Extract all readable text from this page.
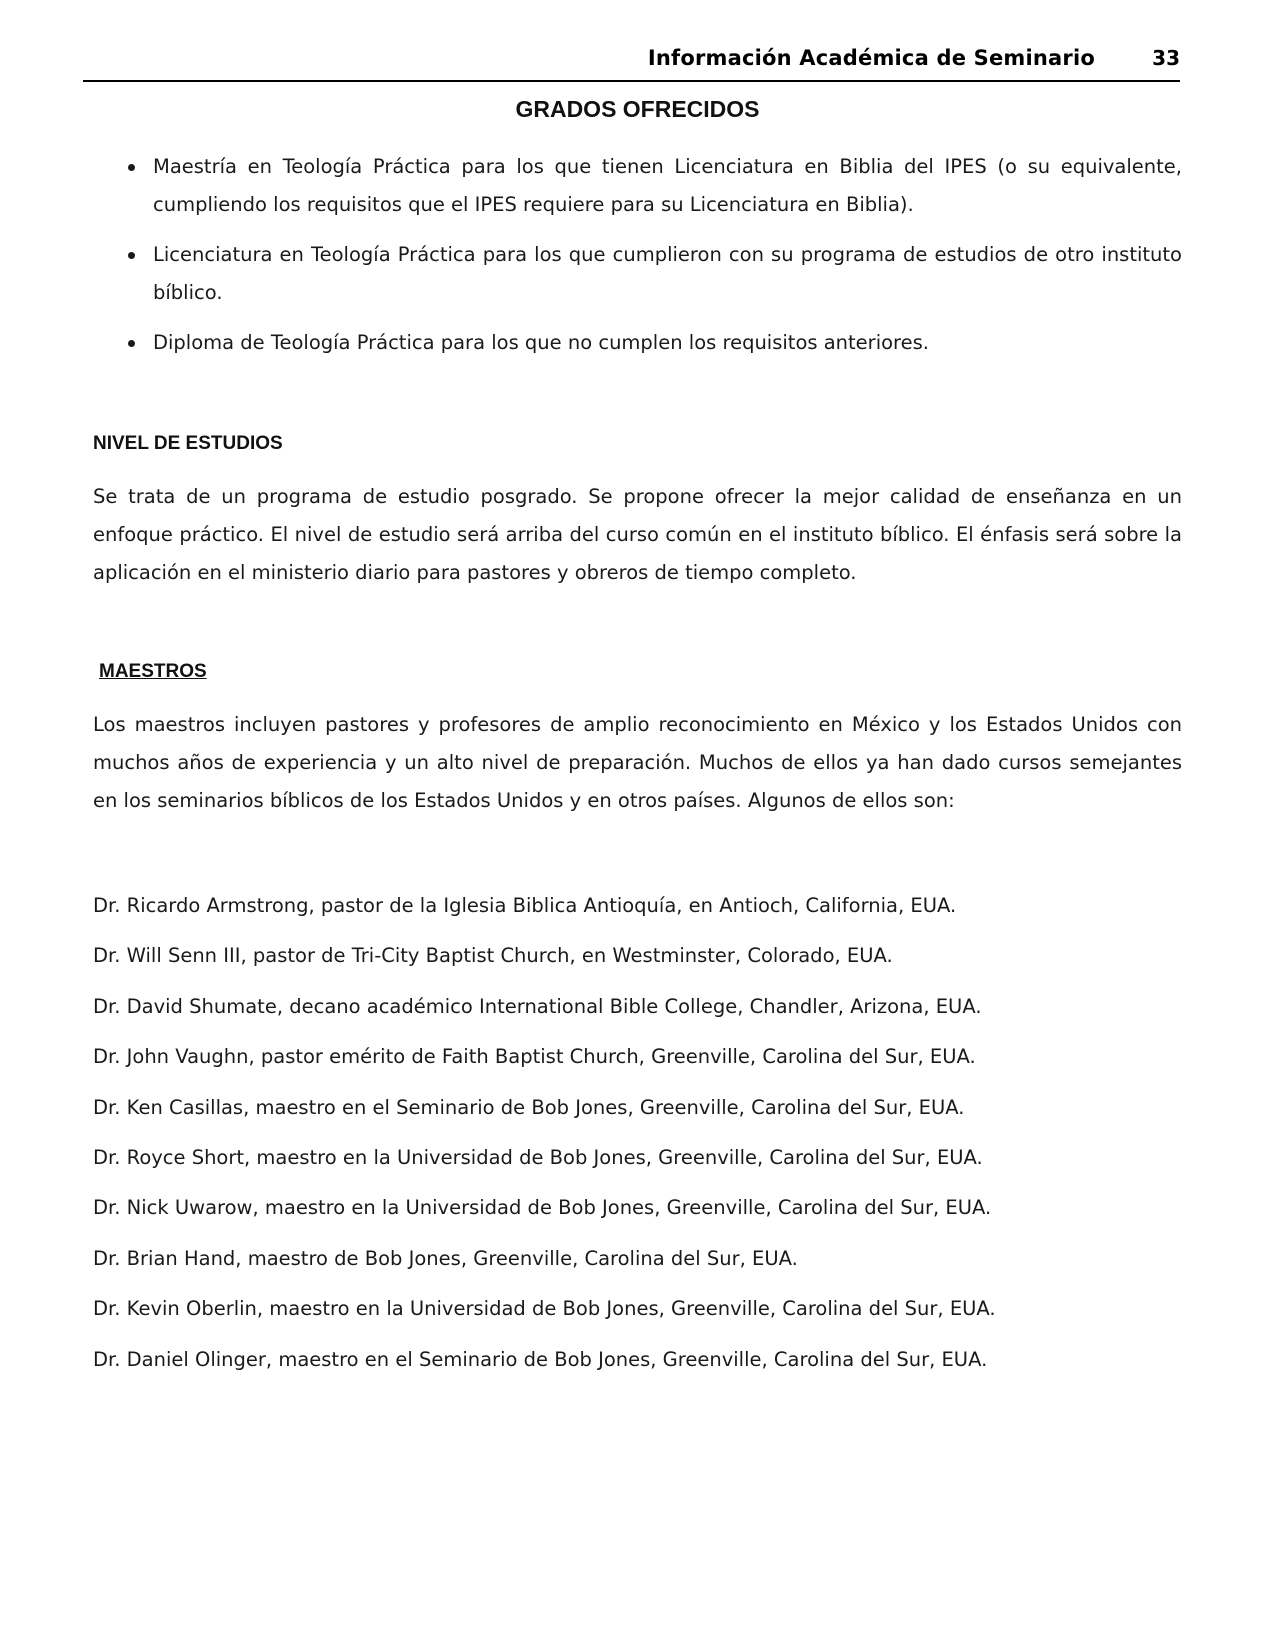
Información Académica de Seminario	33
GRADOS OFRECIDOS
Maestría en Teología Práctica para los que tienen Licenciatura en Biblia del IPES (o su equivalente, cumpliendo los requisitos que el IPES requiere para su Licenciatura en Biblia).
Licenciatura en Teología Práctica para los que cumplieron con su programa de estudios de otro instituto bíblico.
Diploma de Teología Práctica para los que no cumplen los requisitos anteriores.
NIVEL DE ESTUDIOS

Se trata de un programa de estudio posgrado. Se propone ofrecer la mejor calidad de enseñanza en un enfoque práctico. El nivel de estudio será arriba del curso común en el instituto bíblico. El énfasis será sobre la aplicación en el ministerio diario para pastores y obreros de tiempo completo.

MAESTROS

Los maestros incluyen pastores y profesores de amplio reconocimiento en México y los Estados Unidos con muchos años de experiencia y un alto nivel de preparación. Muchos de ellos ya han dado cursos semejantes en los seminarios bíblicos de los Estados Unidos y en otros países. Algunos de ellos son:

Dr. Ricardo Armstrong, pastor de la Iglesia Biblica Antioquía, en Antioch, California, EUA.
Dr. Will Senn III, pastor de Tri-City Baptist Church, en Westminster, Colorado, EUA.
Dr. David Shumate, decano académico International Bible College, Chandler, Arizona, EUA.
Dr. John Vaughn, pastor emérito de Faith Baptist Church, Greenville, Carolina del Sur, EUA.
Dr. Ken Casillas, maestro en el Seminario de Bob Jones, Greenville, Carolina del Sur, EUA.
Dr. Royce Short, maestro en la Universidad de Bob Jones, Greenville, Carolina del Sur, EUA.
Dr. Nick Uwarow, maestro en la Universidad de Bob Jones, Greenville, Carolina del Sur, EUA.
Dr. Brian Hand, maestro de Bob Jones, Greenville, Carolina del Sur, EUA.
Dr. Kevin Oberlin, maestro en la Universidad de Bob Jones, Greenville, Carolina del Sur, EUA.
Dr. Daniel Olinger, maestro en el Seminario de Bob Jones, Greenville, Carolina del Sur, EUA.
